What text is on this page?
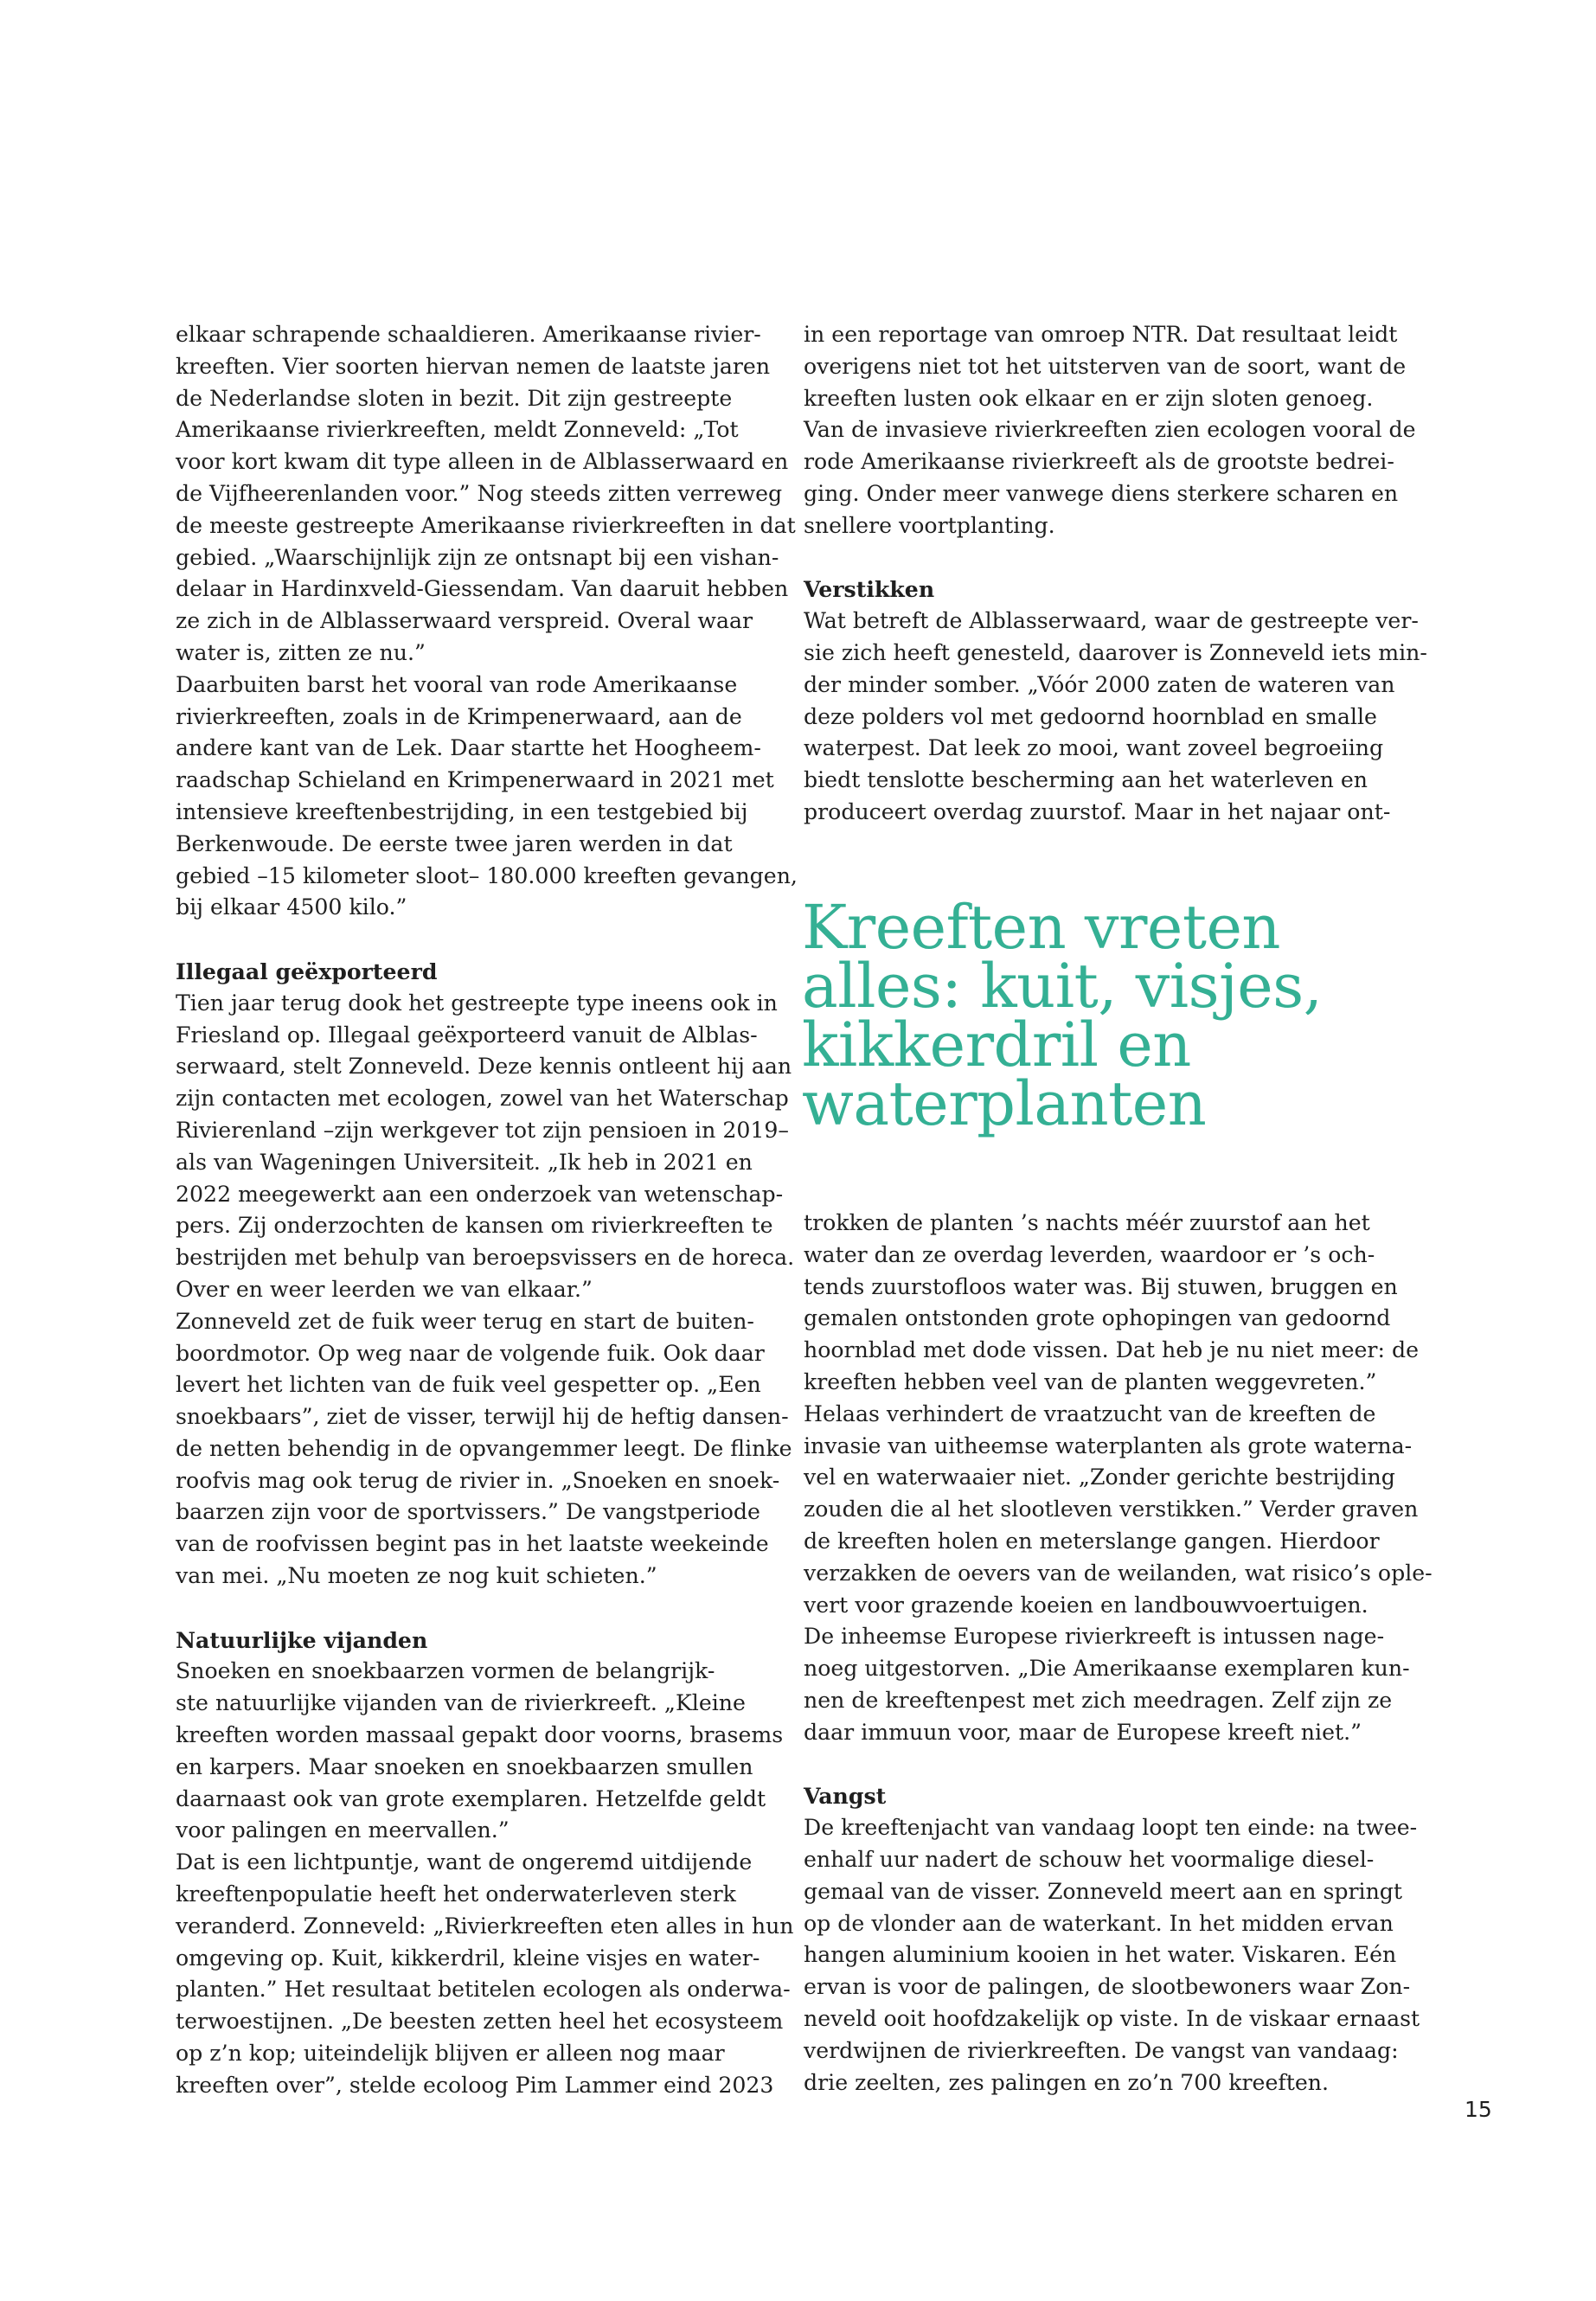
elkaar schrapende schaaldieren. Amerikaanse rivier-
kreeften. Vier soorten hiervan nemen de laatste jaren
de Nederlandse sloten in bezit. Dit zijn gestreepte
Amerikaanse rivierkreeften, meldt Zonneveld: „Tot
voor kort kwam dit type alleen in de Alblasserwaard en
de Vijfheerenlanden voor.” Nog steeds zitten verreweg
de meeste gestreepte Amerikaanse rivierkreeften in dat
gebied. „Waarschijnlijk zijn ze ontsnapt bij een vishan-
delaar in Hardinxveld-Giessendam. Van daaruit hebben
ze zich in de Alblasserwaard verspreid. Overal waar
water is, zitten ze nu.”
Daarbuiten barst het vooral van rode Amerikaanse
rivierkreeften, zoals in de Krimpenerwaard, aan de
andere kant van de Lek. Daar startte het Hoogheem-
raadschap Schieland en Krimpenerwaard in 2021 met
intensieve kreeftenbestrijding, in een testgebied bij
Berkenwoude. De eerste twee jaren werden in dat
gebied –15 kilometer sloot– 180.000 kreeften gevangen,
bij elkaar 4500 kilo.”
Illegaal geëxporteerd
Tien jaar terug dook het gestreepte type ineens ook in
Friesland op. Illegaal geëxporteerd vanuit de Alblas-
serwaard, stelt Zonneveld. Deze kennis ontleent hij aan
zijn contacten met ecologen, zowel van het Waterschap
Rivierenland –zijn werkgever tot zijn pensioen in 2019–
als van Wageningen Universiteit. „Ik heb in 2021 en
2022 meegewerkt aan een onderzoek van wetenschap-
pers. Zij onderzochten de kansen om rivierkreeften te
bestrijden met behulp van beroepsvissers en de horeca.
Over en weer leerden we van elkaar.”
Zonneveld zet de fuik weer terug en start de buiten-
boordmotor. Op weg naar de volgende fuik. Ook daar
levert het lichten van de fuik veel gespetter op. „Een
snoekbaars”, ziet de visser, terwijl hij de heftig dansen-
de netten behendig in de opvangemmer leegt. De flinke
roofvis mag ook terug de rivier in. „Snoeken en snoek-
baarzen zijn voor de sportvissers.” De vangstperiode
van de roofvissen begint pas in het laatste weekeinde
van mei. „Nu moeten ze nog kuit schieten.”
Natuurlijke vijanden
Snoeken en snoekbaarzen vormen de belangrijk-
ste natuurlijke vijanden van de rivierkreeft. „Kleine
kreeften worden massaal gepakt door voorns, brasems
en karpers. Maar snoeken en snoekbaarzen smullen
daarnaast ook van grote exemplaren. Hetzelfde geldt
voor palingen en meervallen.”
Dat is een lichtpuntje, want de ongeremd uitdijende
kreeftenpopulatie heeft het onderwaterleven sterk
veranderd. Zonneveld: „Rivierkreeften eten alles in hun
omgeving op. Kuit, kikkerdril, kleine visjes en water-
planten.” Het resultaat betitelen ecologen als onderwa-
terwoestijnen. „De beesten zetten heel het ecosysteem
op z’n kop; uiteindelijk blijven er alleen nog maar
kreeften over”, stelde ecoloog Pim Lammer eind 2023
in een reportage van omroep NTR. Dat resultaat leidt
overigens niet tot het uitsterven van de soort, want de
kreeften lusten ook elkaar en er zijn sloten genoeg.
Van de invasieve rivierkreeften zien ecologen vooral de
rode Amerikaanse rivierkreeft als de grootste bedrei-
ging. Onder meer vanwege diens sterkere scharen en
snellere voortplanting.
Verstikken
Wat betreft de Alblasserwaard, waar de gestreepte ver-
sie zich heeft genesteld, daarover is Zonneveld iets min-
der minder somber. „Vóór 2000 zaten de wateren van
deze polders vol met gedoornd hoornblad en smalle
waterpest. Dat leek zo mooi, want zoveel begroeiing
biedt tenslotte bescherming aan het waterleven en
produceert overdag zuurstof. Maar in het najaar ont-
Kreeften vreten
alles: kuit, visjes,
kikkerdril en
waterplanten
trokken de planten ’s nachts méér zuurstof aan het
water dan ze overdag leverden, waardoor er ’s och-
tends zuurstofloos water was. Bij stuwen, bruggen en
gemalen ontstonden grote ophopingen van gedoornd
hoornblad met dode vissen. Dat heb je nu niet meer: de
kreeften hebben veel van de planten weggevreten.”
Helaas verhindert de vraatzucht van de kreeften de
invasie van uitheemse waterplanten als grote waterna-
vel en waterwaaier niet. „Zonder gerichte bestrijding
zouden die al het slootleven verstikken.” Verder graven
de kreeften holen en meterslange gangen. Hierdoor
verzakken de oevers van de weilanden, wat risico’s ople-
vert voor grazende koeien en landbouwvoertuigen.
De inheemse Europese rivierkreeft is intussen nage-
noeg uitgestorven. „Die Amerikaanse exemplaren kun-
nen de kreeftenpest met zich meedragen. Zelf zijn ze
daar immuun voor, maar de Europese kreeft niet.”
Vangst
De kreeftenjacht van vandaag loopt ten einde: na twee-
enhalf uur nadert de schouw het voormalige diesel-
gemaal van de visser. Zonneveld meert aan en springt
op de vlonder aan de waterkant. In het midden ervan
hangen aluminium kooien in het water. Viskaren. Eén
ervan is voor de palingen, de slootbewoners waar Zon-
neveld ooit hoofdzakelijk op viste. In de viskaar ernaast
verdwijnen de rivierkreeften. De vangst van vandaag:
drie zeelten, zes palingen en zo’n 700 kreeften.
15
